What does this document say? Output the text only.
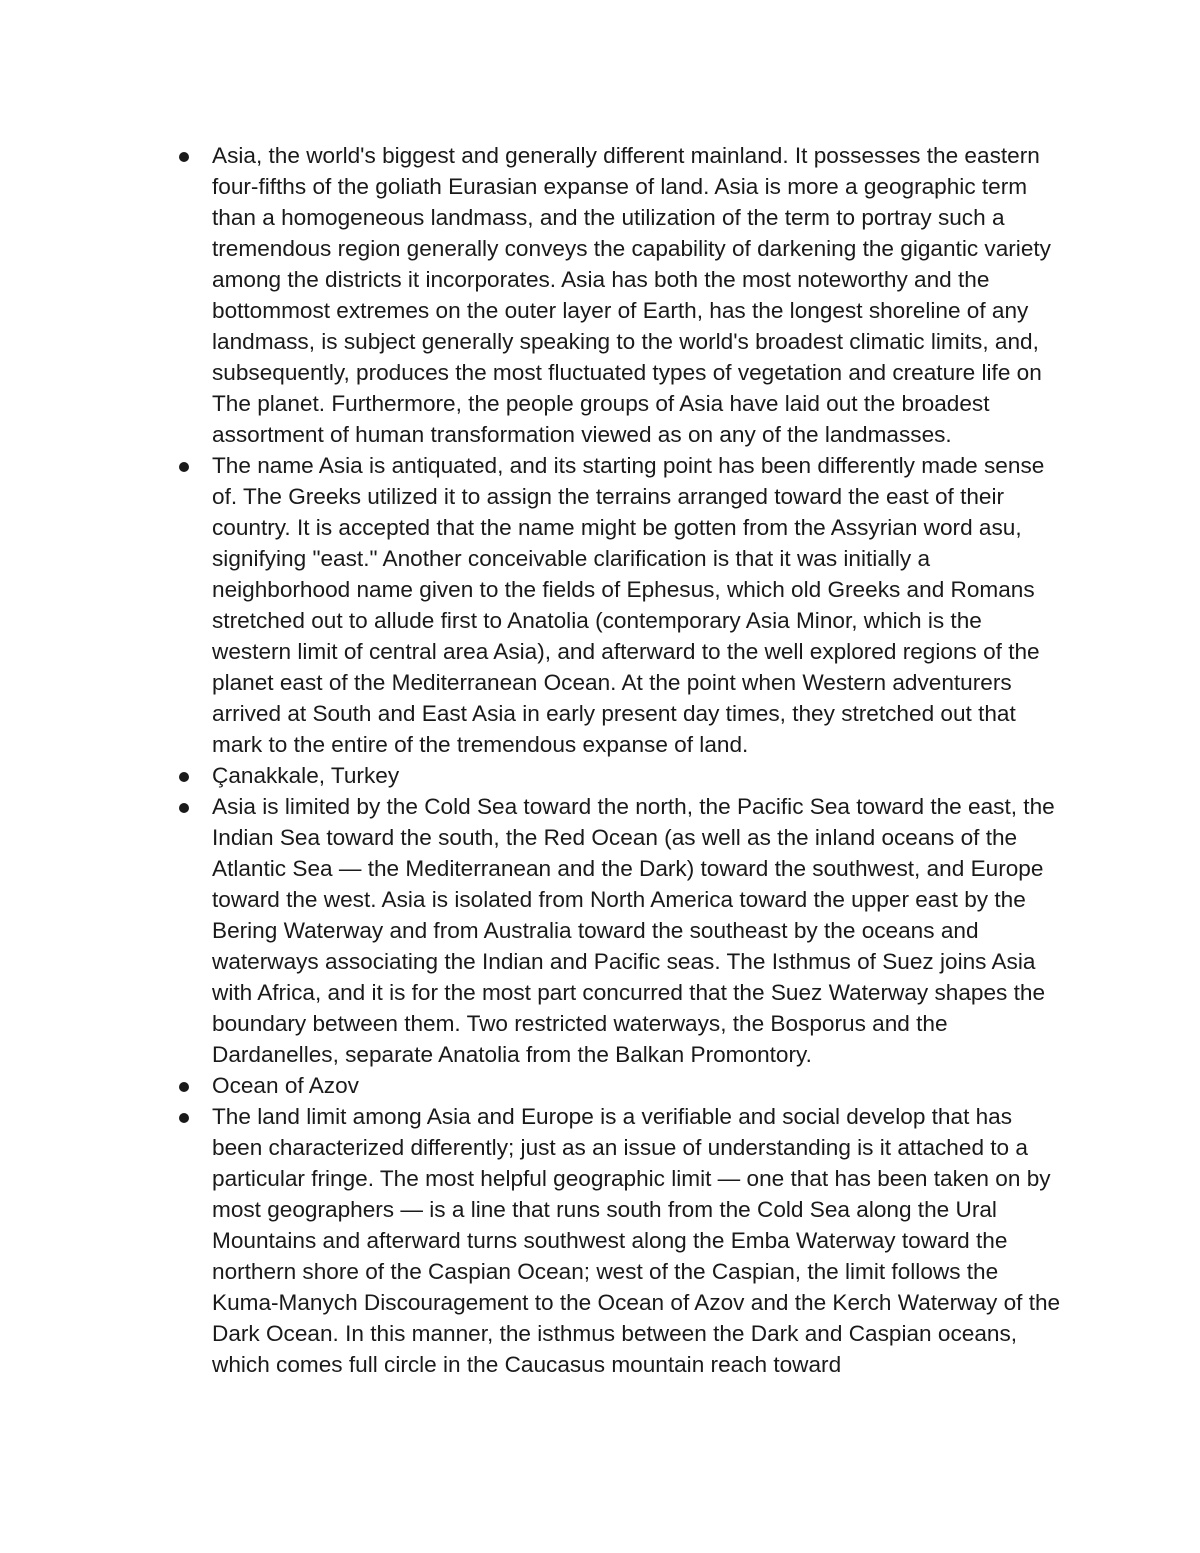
Asia, the world's biggest and generally different mainland. It possesses the eastern four-fifths of the goliath Eurasian expanse of land. Asia is more a geographic term than a homogeneous landmass, and the utilization of the term to portray such a tremendous region generally conveys the capability of darkening the gigantic variety among the districts it incorporates. Asia has both the most noteworthy and the bottommost extremes on the outer layer of Earth, has the longest shoreline of any landmass, is subject generally speaking to the world's broadest climatic limits, and, subsequently, produces the most fluctuated types of vegetation and creature life on The planet. Furthermore, the people groups of Asia have laid out the broadest assortment of human transformation viewed as on any of the landmasses.
The name Asia is antiquated, and its starting point has been differently made sense of. The Greeks utilized it to assign the terrains arranged toward the east of their country. It is accepted that the name might be gotten from the Assyrian word asu, signifying "east." Another conceivable clarification is that it was initially a neighborhood name given to the fields of Ephesus, which old Greeks and Romans stretched out to allude first to Anatolia (contemporary Asia Minor, which is the western limit of central area Asia), and afterward to the well explored regions of the planet east of the Mediterranean Ocean. At the point when Western adventurers arrived at South and East Asia in early present day times, they stretched out that mark to the entire of the tremendous expanse of land.
Çanakkale, Turkey
Asia is limited by the Cold Sea toward the north, the Pacific Sea toward the east, the Indian Sea toward the south, the Red Ocean (as well as the inland oceans of the Atlantic Sea — the Mediterranean and the Dark) toward the southwest, and Europe toward the west. Asia is isolated from North America toward the upper east by the Bering Waterway and from Australia toward the southeast by the oceans and waterways associating the Indian and Pacific seas. The Isthmus of Suez joins Asia with Africa, and it is for the most part concurred that the Suez Waterway shapes the boundary between them. Two restricted waterways, the Bosporus and the Dardanelles, separate Anatolia from the Balkan Promontory.
Ocean of Azov
The land limit among Asia and Europe is a verifiable and social develop that has been characterized differently; just as an issue of understanding is it attached to a particular fringe. The most helpful geographic limit — one that has been taken on by most geographers — is a line that runs south from the Cold Sea along the Ural Mountains and afterward turns southwest along the Emba Waterway toward the northern shore of the Caspian Ocean; west of the Caspian, the limit follows the Kuma-Manych Discouragement to the Ocean of Azov and the Kerch Waterway of the Dark Ocean. In this manner, the isthmus between the Dark and Caspian oceans, which comes full circle in the Caucasus mountain reach toward
